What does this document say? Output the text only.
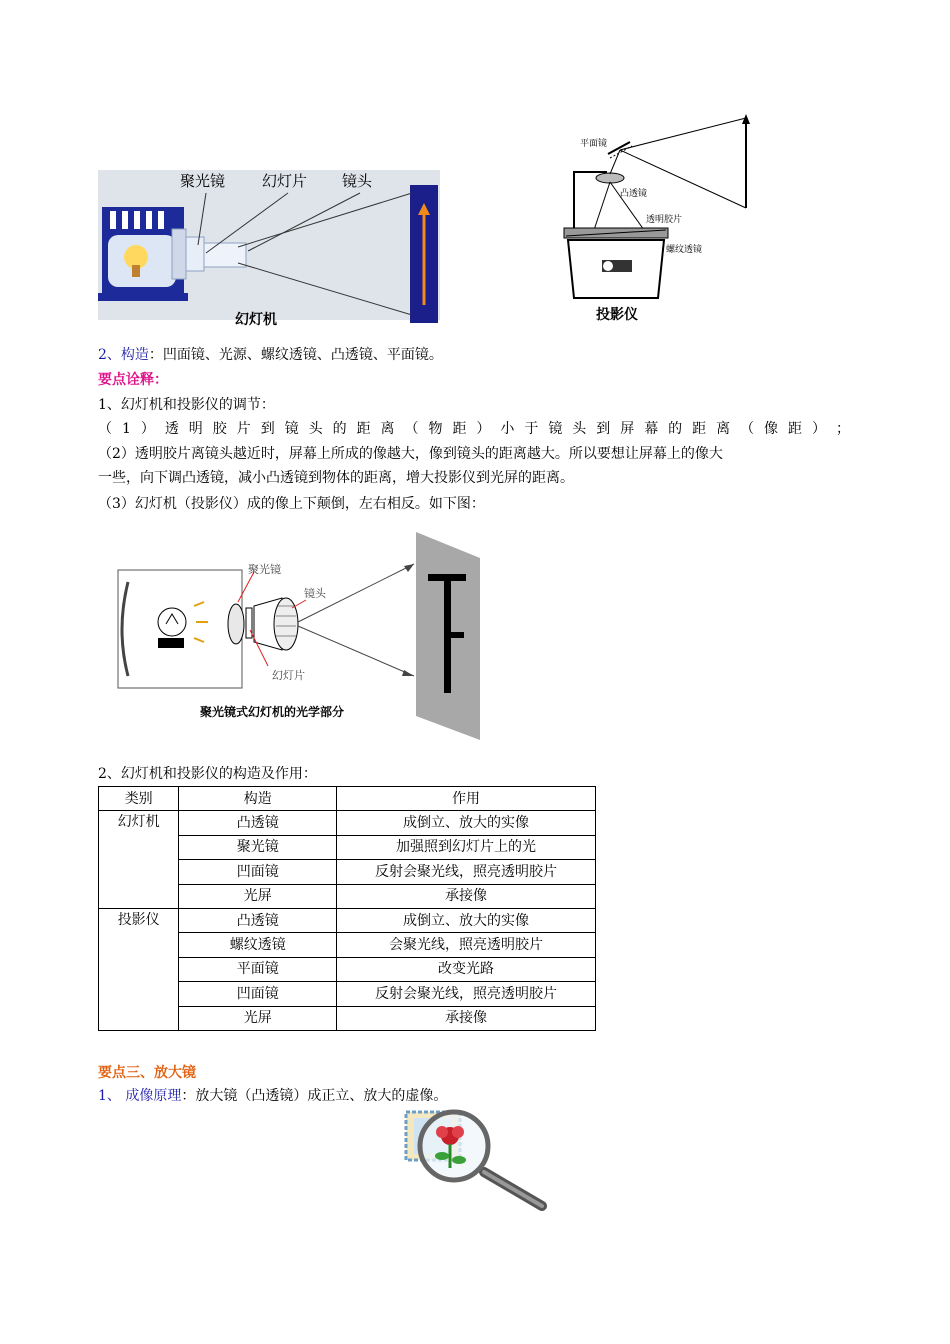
聚光镜 幻灯片 镜头
幻灯机
平面镜
凸透镜
透明胶片
螺纹透镜
投影仪
2、构造：凹面镜、光源、螺纹透镜、凸透镜、平面镜。
要点诠释：
1、幻灯机和投影仪的调节：
（ 1 ） 透 明 胶 片 到 镜 头 的 距 离 （ 物 距 ） 小 于 镜 头 到 屏 幕 的 距 离 （ 像 距 ） ；
（2）透明胶片离镜头越近时，屏幕上所成的像越大，像到镜头的距离越大。所以要想让屏幕上的像大
一些，向下调凸透镜，减小凸透镜到物体的距离，增大投影仪到光屏的距离。
（3）幻灯机（投影仪）成的像上下颠倒，左右相反。如下图：
聚光镜
镜头
幻灯片
聚光镜式幻灯机的光学部分
2、幻灯机和投影仪的构造及作用：
类别	构造	作用
幻灯机	凸透镜	成倒立、放大的实像
	聚光镜	加强照到幻灯片上的光
	凹面镜	反射会聚光线，照亮透明胶片
	光屏	承接像
投影仪	凸透镜	成倒立、放大的实像
	螺纹透镜	会聚光线，照亮透明胶片
	平面镜	改变光路
	凹面镜	反射会聚光线，照亮透明胶片
	光屏	承接像
要点三、放大镜
1、 成像原理：放大镜（凸透镜）成正立、放大的虚像。
